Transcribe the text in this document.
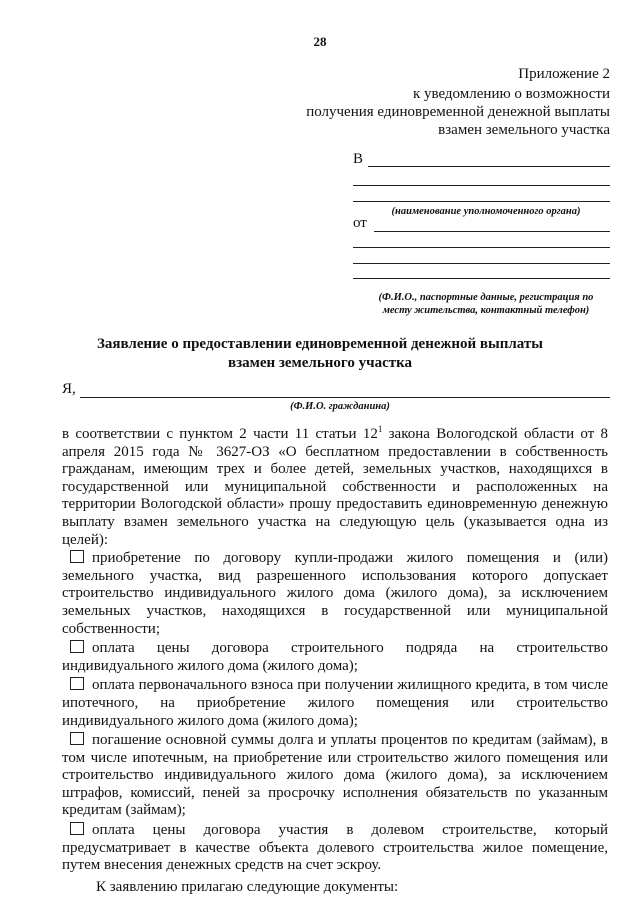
28
Приложение 2
к уведомлению о возможности
получения единовременной денежной выплаты
взамен земельного участка
В
(наименование уполномоченного органа)
от
(Ф.И.О., паспортные данные, регистрация по
месту жительства, контактный телефон)
Заявление о предоставлении единовременной денежной выплаты
взамен земельного участка
Я,
(Ф.И.О. гражданина)

в соответствии с пунктом 2 части 11 статьи $12^1$ закона Вологодской области от 8 апреля 2015 года № 3627-ОЗ «О бесплатном предоставлении в собственность гражданам, имеющим трех и более детей, земельных участков, находящихся в государственной или муниципальной собственности и расположенных на территории Вологодской области» прошу предоставить единовременную денежную выплату взамен земельного участка на следующую цель (указывается одна из целей):

приобретение по договору купли-продажи жилого помещения и (или) земельного участка, вид разрешенного использования которого допускает строительство индивидуального жилого дома (жилого дома), за исключением земельных участков, находящихся в государственной или муниципальной собственности;

оплата цены договора строительного подряда на строительство индивидуального жилого дома (жилого дома);

оплата первоначального взноса при получении жилищного кредита, в том числе ипотечного, на приобретение жилого помещения или строительство индивидуального жилого дома (жилого дома);

погашение основной суммы долга и уплаты процентов по кредитам (займам), в том числе ипотечным, на приобретение или строительство жилого помещения или строительство индивидуального жилого дома (жилого дома), за исключением штрафов, комиссий, пеней за просрочку исполнения обязательств по указанным кредитам (займам);

оплата цены договора участия в долевом строительстве, который предусматривает в качестве объекта долевого строительства жилое помещение, путем внесения денежных средств на счет эскроу.

К заявлению прилагаю следующие документы:
